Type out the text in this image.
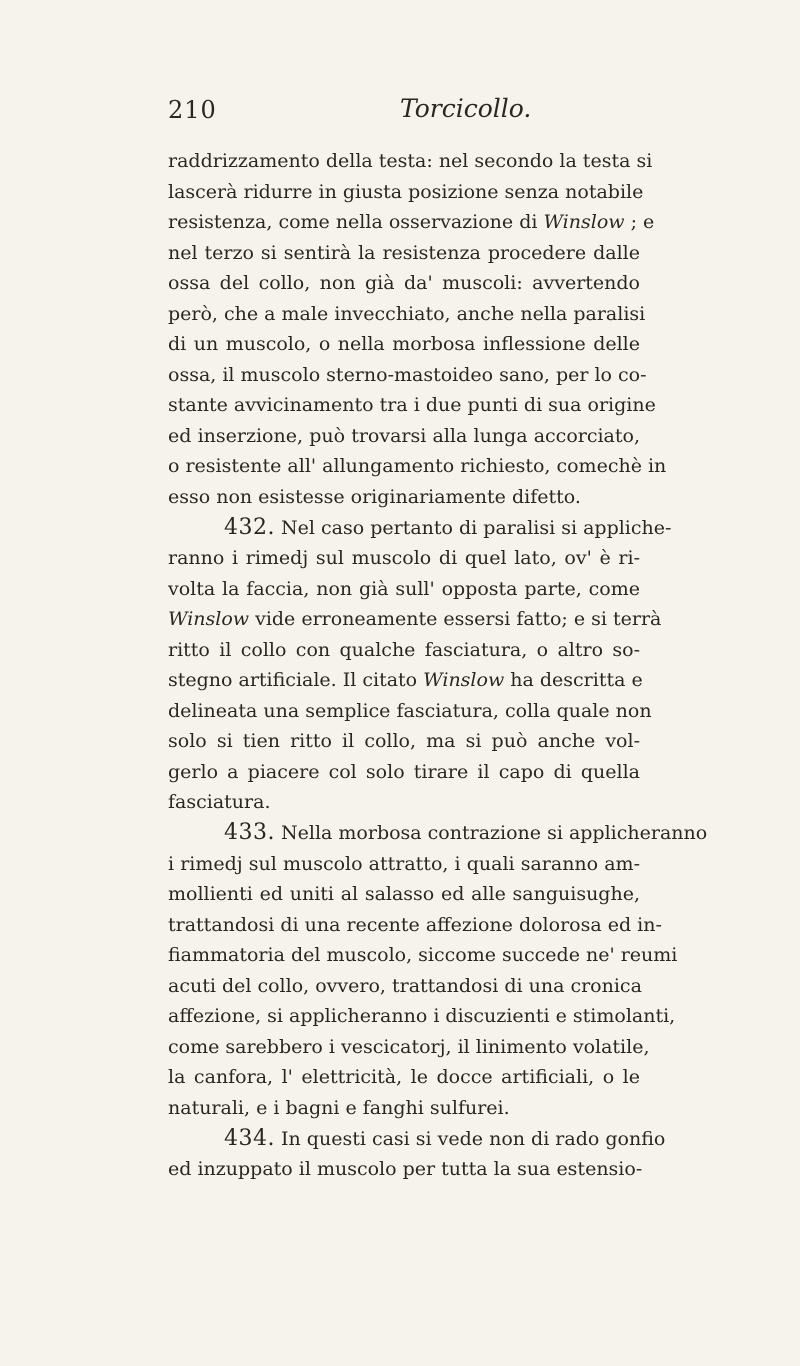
210	Torcicollo.
raddrizzamento della testa: nel secondo la testa si
lascerà ridurre in giusta posizione senza notabile
resistenza, come nella osservazione di Winslow ; e
nel terzo si sentirà la resistenza procedere dalle
ossa del collo, non già da' muscoli: avvertendo
però, che a male invecchiato, anche nella paralisi
di un muscolo, o nella morbosa inflessione delle
ossa, il muscolo sterno-mastoideo sano, per lo co-
stante avvicinamento tra i due punti di sua origine
ed inserzione, può trovarsi alla lunga accorciato,
o resistente all' allungamento richiesto, comechè in
esso non esistesse originariamente difetto.
432. Nel caso pertanto di paralisi si appliche-
ranno i rimedj sul muscolo di quel lato, ov' è ri-
volta la faccia, non già sull' opposta parte, come
Winslow vide erroneamente essersi fatto; e si terrà
ritto il collo con qualche fasciatura, o altro so-
stegno artificiale. Il citato Winslow ha descritta e
delineata una semplice fasciatura, colla quale non
solo si tien ritto il collo, ma si può anche vol-
gerlo a piacere col solo tirare il capo di quella
fasciatura.
433. Nella morbosa contrazione si applicheranno
i rimedj sul muscolo attratto, i quali saranno am-
mollienti ed uniti al salasso ed alle sanguisughe,
trattandosi di una recente affezione dolorosa ed in-
fiammatoria del muscolo, siccome succede ne' reumi
acuti del collo, ovvero, trattandosi di una cronica
affezione, si applicheranno i discuzienti e stimolanti,
come sarebbero i vescicatorj, il linimento volatile,
la canfora, l' elettricità, le docce artificiali, o le
naturali, e i bagni e fanghi sulfurei.
434. In questi casi si vede non di rado gonfio
ed inzuppato il muscolo per tutta la sua estensio-
